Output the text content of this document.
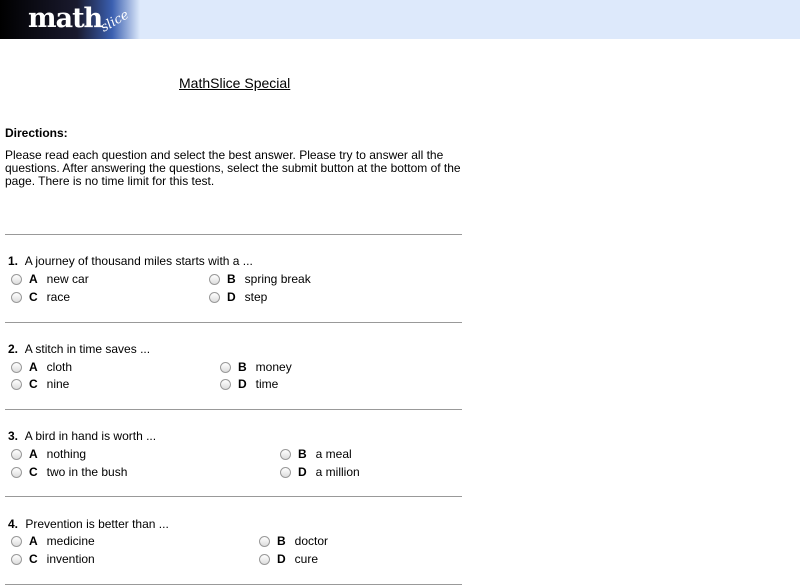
math
slice
MathSlice Special
Directions:
Please read each question and select the best answer. Please try to answer all the questions. After answering the questions, select the submit button at the bottom of the page. There is no time limit for this test.
1. A journey of thousand miles starts with a ...
A new car	B spring break
C race	D step
2. A stitch in time saves ...
A cloth	B money
C nine	D time
3. A bird in hand is worth ...
A nothing	B a meal
C two in the bush	D a million
4. Prevention is better than ...
A medicine	B doctor
C invention	D cure
